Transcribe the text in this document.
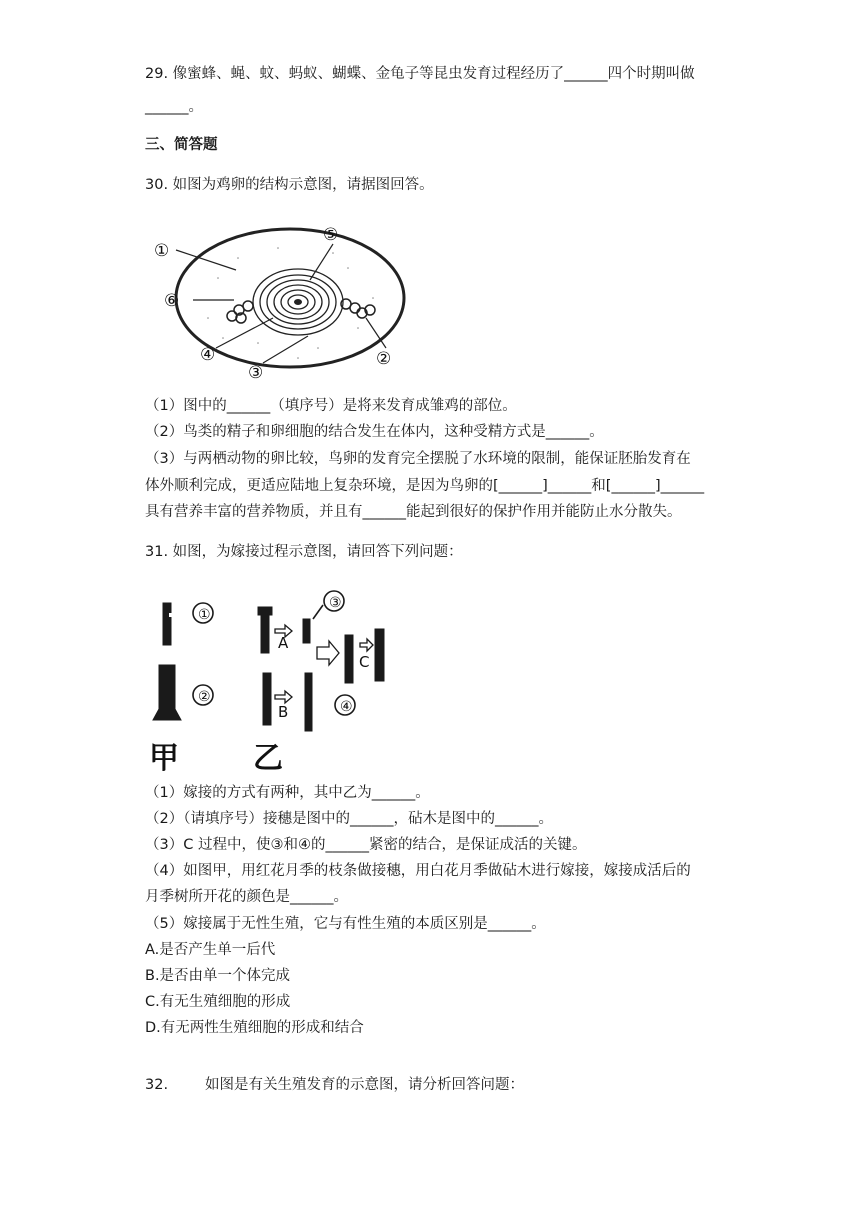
29. 像蜜蜂、蝇、蚊、蚂蚁、蝴蝶、金龟子等昆虫发育过程经历了______四个时期叫做
______。
三、简答题
30. 如图为鸡卵的结构示意图，请据图回答。
①
②
③
④
⑤
⑥
（1）图中的______（填序号）是将来发育成雏鸡的部位。
（2）鸟类的精子和卵细胞的结合发生在体内，这种受精方式是______。
（3）与两栖动物的卵比较，鸟卵的发育完全摆脱了水环境的限制，能保证胚胎发育在
体外顺利完成，更适应陆地上复杂环境，是因为鸟卵的[______]______和[______]______
具有营养丰富的营养物质，并且有______能起到很好的保护作用并能防止水分散失。
31. 如图，为嫁接过程示意图，请回答下列问题：
①
②
③
④
A
B
C
甲 乙
（1）嫁接的方式有两种，其中乙为______。
（2）（请填序号）接穗是图中的______，砧木是图中的______。
（3）C 过程中，使③和④的______紧密的结合，是保证成活的关键。
（4）如图甲，用红花月季的枝条做接穗，用白花月季做砧木进行嫁接，嫁接成活后的
月季树所开花的颜色是______。
（5）嫁接属于无性生殖，它与有性生殖的本质区别是______。
A.是否产生单一后代
B.是否由单一个体完成
C.有无生殖细胞的形成
D.有无两性生殖细胞的形成和结合
32.	如图是有关生殖发育的示意图，请分析回答问题：
